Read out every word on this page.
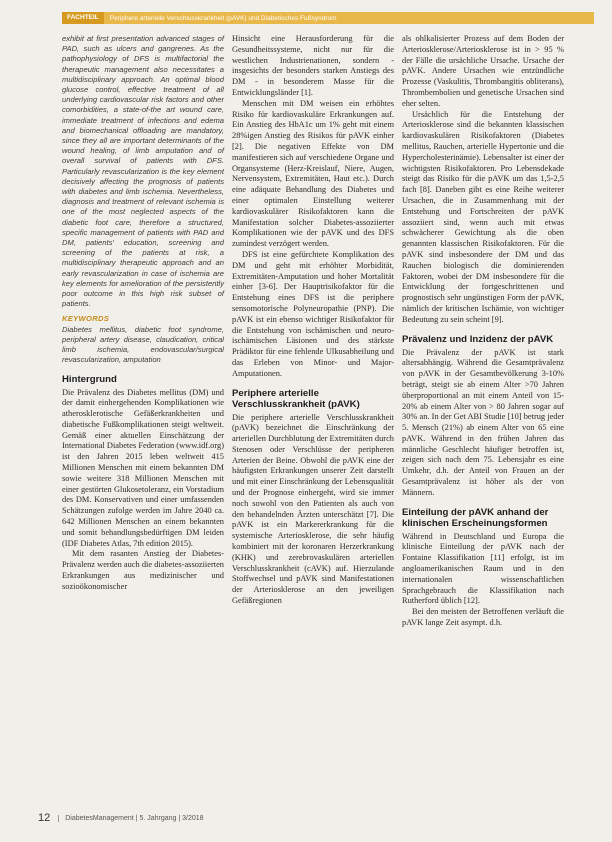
FACHTEIL	Periphere arterielle Verschlusskrankheit (pAVK) und Diabetisches Fußsyndrom

exhibit at first presentation advanced stages of PAD, such as ulcers and gangrenes. As the pathophysiology of DFS is multifactorial the therapeutic management also necessitates a multidisciplinary approach. An optimal blood glucose control, effective treatment of all underlying cardiovascular risk factors and other comorbidities, a state-of-the art wound care, immediate treatment of infections and edema and biomechanical offloading are mandatory, since they all are important determinants of the wound healing, of limb amputation and of overall survival of patients with DFS. Particularly revascularization is the key element decisively affecting the prognosis of patients with diabetes and limb ischemia. Nevertheless, diagnosis and treatment of relevant ischemia is one of the most neglected aspects of the diabetic foot care, therefore a structured, specific management of patients with PAD and DM, patients' education, screening and screening of the patients at risk, a multidisciplinary therapeutic approach and an early revascularization in case of ischemia are key elements for amelioration of the persistently poor outcome in this high risk subset of patients.

KEYWORDS

Diabetes mellitus, diabetic foot syndrome, peripheral artery disease, claudication, critical limb ischemia, endovascular/surgical revascularization, amputation

Hintergrund

Die Prävalenz des Diabetes mellitus (DM) und der damit einhergehenden Komplikationen wie atherosklerotische Gefäßerkrankheiten und diabetische Fußkomplikationen steigt weltweit. Gemäß einer aktuellen Einschätzung der International Diabetes Federation (www.idf.org) ist den Jahren 2015 leben weltweit 415 Millionen Menschen mit einem bekannten DM sowie weitere 318 Millionen Menschen mit einer gestörten Glukosetoleranz, ein Vorstadium des DM. Konservativen und einer umfassenden Schätzungen zufolge werden im Jahre 2040 ca. 642 Millionen Menschen an einem bekannten und somit behandlungsbedürftigen DM leiden (IDF Diabetes Atlas, 7th edition 2015).

Mit dem rasanten Anstieg der Diabetes-Prävalenz werden auch die diabetes-assoziierten Erkrankungen aus medizinischer und sozioökonomischer

Hinsicht eine Herausforderung für die Gesundheitssysteme, nicht nur für die westlichen Industrienationen, sondern - insgesichts der besonders starken Anstiegs des DM - in besonderem Masse für die Entwicklungsländer [1].

Menschen mit DM weisen ein erhöhtes Risiko für kardiovaskuläre Erkrankungen auf. Ein Anstieg des HbA1c um 1% geht mit einem 28%igen Anstieg des Risikos für pAVK einher [2]. Die negativen Effekte von DM manifestieren sich auf verschiedene Organe und Organsysteme (Herz-Kreislauf, Niere, Augen, Nervensystem, Extremitäten, Haut etc.). Durch eine adäquate Behandlung des Diabetes und einer optimalen Einstellung weiterer kardiovaskulärer Risikofaktoren kann die Manifestation solcher Diabetes-assoziierter Komplikationen wie der pAVK und des DFS zumindest verzögert werden.

DFS ist eine gefürchtete Komplikation des DM und geht mit erhöhter Morbidität, Extremitäten-Amputation und hoher Mortalität einher [3-6]. Der Hauptrisikofaktor für die Entstehung eines DFS ist die periphere sensomotorische Polyneuropathie (PNP). Die pAVK ist ein ebenso wichtiger Risikofaktor für die Entstehung von ischämischen und neuro-ischämischen Läsionen und des stärkste Prädiktor für eine fehlende Ulkusabheilung und das Erleben von Minor- und Major-Amputationen.

Periphere arterielle Verschlusskrankheit (pAVK)

Die periphere arterielle Verschlusskrankheit (pAVK) bezeichnet die Einschränkung der arteriellen Durchblutung der Extremitäten durch Stenosen oder Verschlüsse der peripheren Arterien der Beine. Obwohl die pAVK eine der häufigsten Erkrankungen unserer Zeit darstellt und mit einer Einschränkung der Lebensqualität und der Prognose einhergeht, wird sie immer noch sowohl von den Patienten als auch von den behandelnden Ärzten unterschätzt [7]. Die pAVK ist ein Markererkrankung für die systemische Arteriosklerose, die sehr häufig kombiniert mit der koronaren Herzerkrankung (KHK) und zerebrovaskulären arteriellen Verschlusskrankheit (cAVK) auf. Hierzulande Stoffwechsel und pAVK sind Manifestationen der Arteriosklerose an den jeweiligen Gefäßregionen

als ohlkalisierter Prozess auf dem Boden der Arteriosklerose/Arteriosklerose ist in > 95 % der Fälle die ursächliche Ursache. Ursache der pAVK. Andere Ursachen wie entzündliche Prozesse (Vaskulitis, Thrombangitis obliterans), Thrombembolien und genetische Ursachen sind eher selten.

Ursächlich für die Entstehung der Arteriosklerose sind die bekannten klassischen kardiovaskulären Risikofaktoren (Diabetes mellitus, Rauchen, arterielle Hypertonie und die Hypercholesterinämie). Lebensalter ist einer der wichtigsten Risikofaktoren. Pro Lebensdekade steigt das Risiko für die pAVK um das 1,5-2,5 fach [8]. Daneben gibt es eine Reihe weiterer Ursachen, die in Zusammenhang mit der Entstehung und Fortschreiten der pAVK assoziiert sind, wenn auch mit etwas schwächerer Gewichtung als die oben genannten klassischen Risikofaktoren. Für die pAVK sind insbesondere der DM und das Rauchen biologisch die dominierenden Faktoren, wobei der DM insbesondere für die Entwicklung der fortgeschrittenen und prognostisch sehr ungünstigen Form der pAVK, nämlich der kritischen Ischämie, von wichtiger Bedeutung zu sein scheint [9].

Prävalenz und Inzidenz der pAVK

Die Prävalenz der pAVK ist stark altersabhängig. Während die Gesamtprävalenz von pAVK in der Gesamtbevölkerung 3-10% beträgt, steigt sie ab einem Alter >70 Jahren überproportional an mit einem Anteil von 15-20% ab einem Alter von > 80 Jahren sogar auf 30% an. In der Get ABI Studie [10] betrug jeder 5. Mensch (21%) ab einem Alter von 65 eine pAVK. Während in den frühen Jahren das männliche Geschlecht häufiger betroffen ist, zeigen sich nach dem 75. Lebensjahr es eine Umkehr, d.h. der Anteil von Frauen an der Gesamtprävalenz ist höher als der von Männern.

Einteilung der pAVK anhand der klinischen Erscheinungsformen

Während in Deutschland und Europa die klinische Einteilung der pAVK nach der Fontaine Klassifikation [11] erfolgt, ist im angloamerikanischen Raum und in den internationalen wissenschaftlichen Sprachgebrauch die Klassifikation nach Rutherford üblich [12].

Bei den meisten der Betroffenen verläuft die pAVK lange Zeit asympt. d.h.

12	DiabetesManagement | 5. Jahrgang | 3/2018
